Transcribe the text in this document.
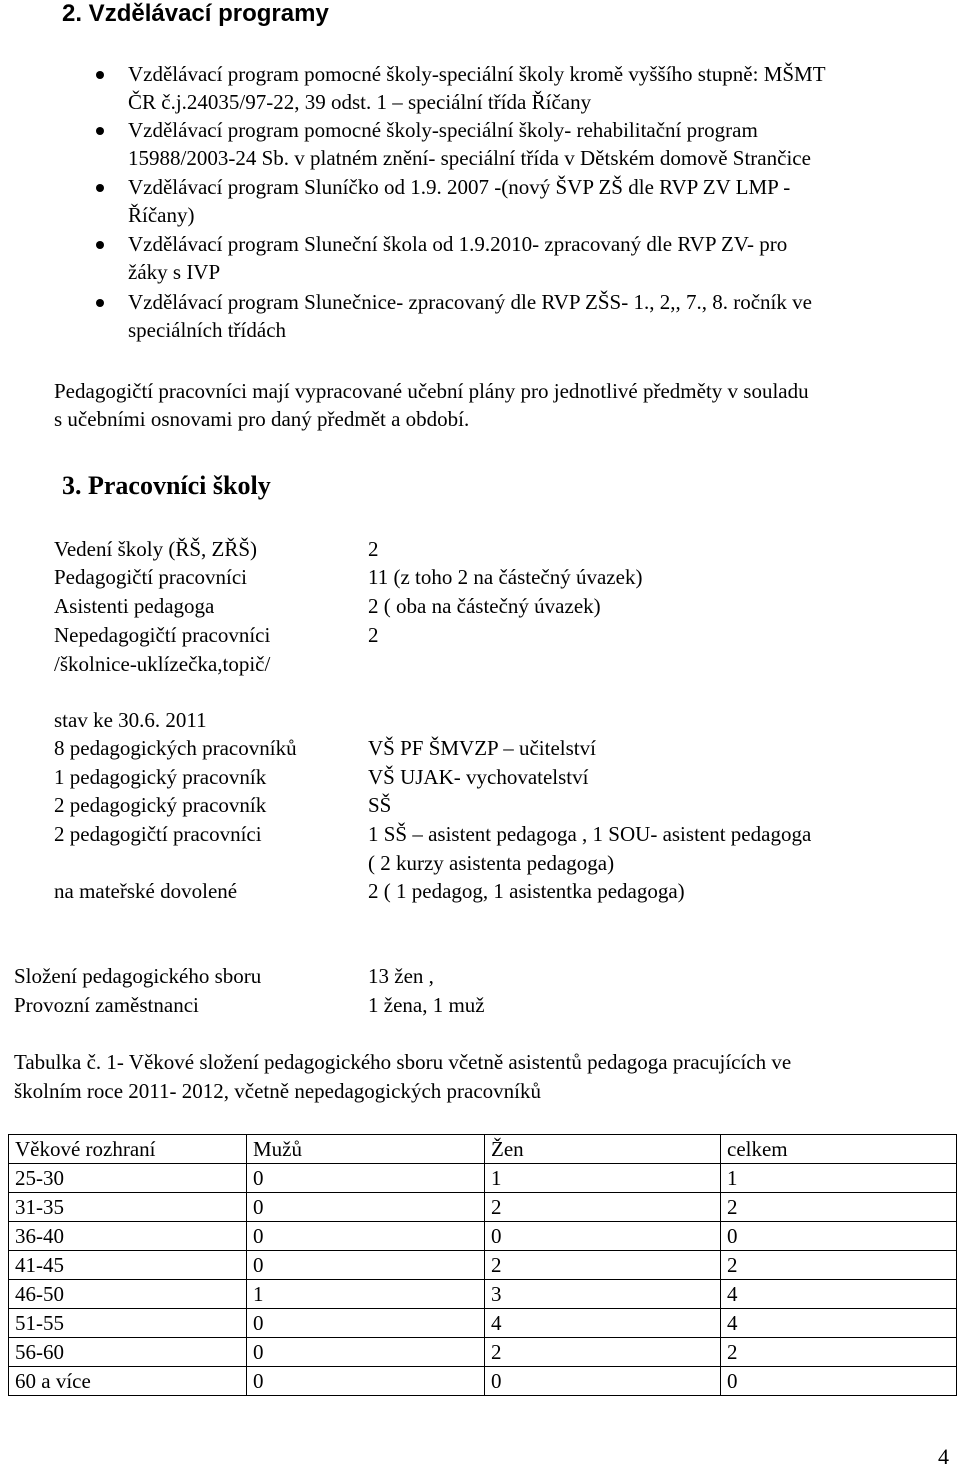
2. Vzdělávací programy
Vzdělávací program pomocné školy-speciální školy kromě vyššího stupně: MŠMT
ČR č.j.24035/97-22, 39 odst. 1 – speciální třída Říčany
Vzdělávací program pomocné školy-speciální školy- rehabilitační program
15988/2003-24 Sb. v platném znění- speciální třída v Dětském domově Strančice
Vzdělávací program Sluníčko od 1.9. 2007 -(nový ŠVP ZŠ dle RVP ZV LMP -
Říčany)
Vzdělávací program Sluneční škola od 1.9.2010- zpracovaný dle RVP ZV- pro
žáky s IVP
Vzdělávací program Slunečnice- zpracovaný dle RVP ZŠS- 1., 2,, 7., 8. ročník ve
speciálních třídách
Pedagogičtí pracovníci mají vypracované učební plány pro jednotlivé předměty v souladu
s učebními osnovami pro daný předmět a období.
3. Pracovníci školy
Vedení školy (ŘŠ, ZŘŠ)	2
Pedagogičtí pracovníci	11 (z toho 2 na částečný úvazek)
Asistenti pedagoga	2 ( oba na částečný úvazek)
Nepedagogičtí pracovníci	2
/školnice-uklízečka,topič/
stav ke 30.6. 2011
8 pedagogických pracovníků	VŠ PF ŠMVZP – učitelství
1 pedagogický pracovník	VŠ UJAK- vychovatelství
2 pedagogický pracovník	SŠ
2 pedagogičtí pracovníci	1 SŠ – asistent pedagoga , 1 SOU- asistent pedagoga
( 2 kurzy asistenta pedagoga)
na mateřské dovolené	2 ( 1 pedagog, 1 asistentka pedagoga)
Složení pedagogického sboru	13 žen ,
Provozní zaměstnanci	1 žena, 1 muž
Tabulka č. 1- Věkové složení pedagogického sboru včetně asistentů pedagoga pracujících ve
školním roce 2011- 2012, včetně nepedagogických pracovníků
Věkové rozhraní	Mužů	Žen	celkem
25-30	0	1	1
31-35	0	2	2
36-40	0	0	0
41-45	0	2	2
46-50	1	3	4
51-55	0	4	4
56-60	0	2	2
60 a více	0	0	0
4
